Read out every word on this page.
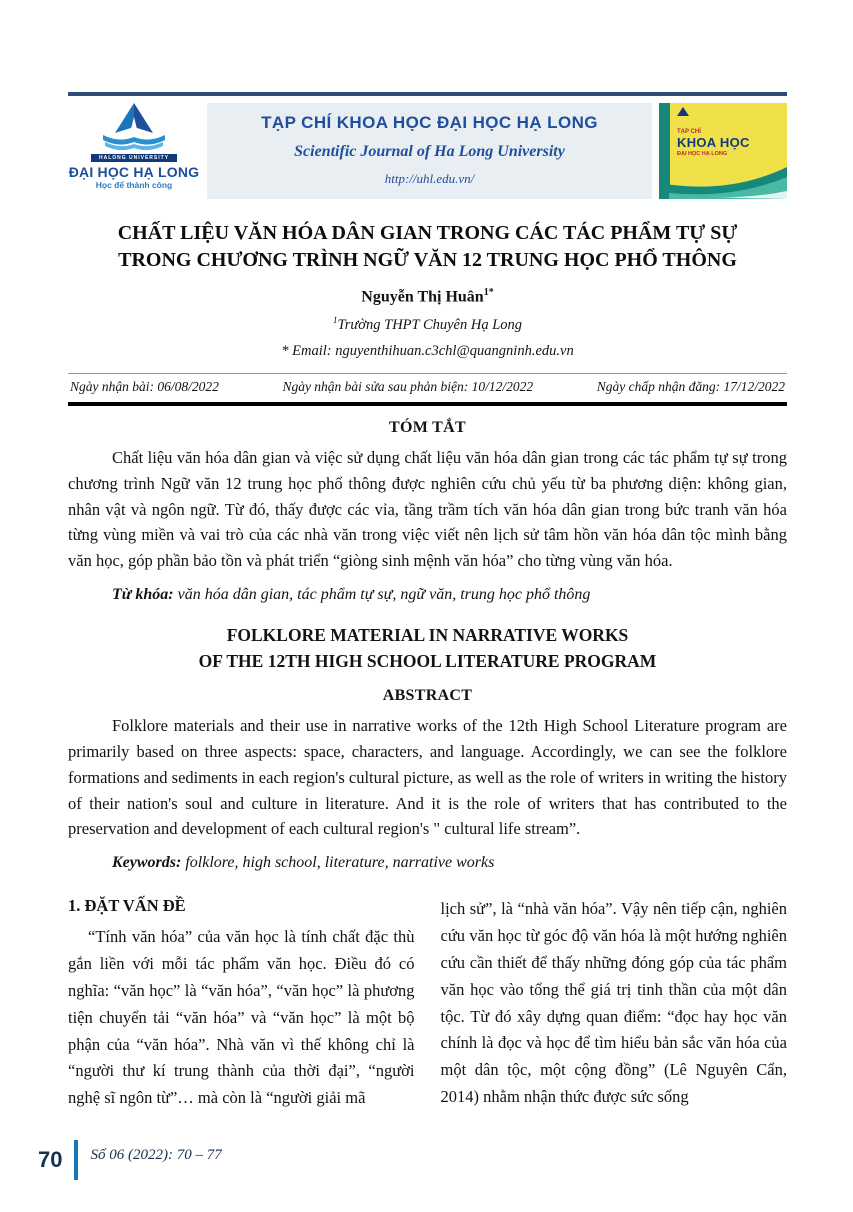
HALONG UNIVERSITY
ĐẠI HỌC HẠ LONG
Học để thành công
TẠP CHÍ KHOA HỌC ĐẠI HỌC HẠ LONG
Scientific Journal of Ha Long University
http://uhl.edu.vn/
TẠP CHÍ
KHOA HỌC
ĐẠI HỌC HẠ LONG
CHẤT LIỆU VĂN HÓA DÂN GIAN TRONG CÁC TÁC PHẨM TỰ SỰ
TRONG CHƯƠNG TRÌNH NGỮ VĂN 12 TRUNG HỌC PHỔ THÔNG
Nguyễn Thị Huân$^{1*}$
$^1$Trường THPT Chuyên Hạ Long
* Email: nguyenthihuan.c3chl@quangninh.edu.vn
Ngày nhận bài: 06/08/2022	Ngày nhận bài sửa sau phản biện: 10/12/2022	Ngày chấp nhận đăng: 17/12/2022
TÓM TẮT

Chất liệu văn hóa dân gian và việc sử dụng chất liệu văn hóa dân gian trong các tác phẩm tự sự trong chương trình Ngữ văn 12 trung học phổ thông được nghiên cứu chủ yếu từ ba phương diện: không gian, nhân vật và ngôn ngữ. Từ đó, thấy được các vỉa, tầng trầm tích văn hóa dân gian trong bức tranh văn hóa từng vùng miền và vai trò của các nhà văn trong việc viết nên lịch sử tâm hồn văn hóa dân tộc mình bằng văn học, góp phần bảo tồn và phát triển “giòng sinh mệnh văn hóa” cho từng vùng văn hóa.

Từ khóa: văn hóa dân gian, tác phẩm tự sự, ngữ văn, trung học phổ thông
FOLKLORE MATERIAL IN NARRATIVE WORKS
OF THE 12TH HIGH SCHOOL LITERATURE PROGRAM
ABSTRACT

Folklore materials and their use in narrative works of the 12th High School Literature program are primarily based on three aspects: space, characters, and language. Accordingly, we can see the folklore formations and sediments in each region's cultural picture, as well as the role of writers in writing the history of their nation's soul and culture in literature. And it is the role of writers that has contributed to the preservation and development of each cultural region's " cultural life stream”.

Keywords: folklore, high school, literature, narrative works
1. ĐẶT VẤN ĐỀ

“Tính văn hóa” của văn học là tính chất đặc thù gắn liền với mỗi tác phẩm văn học. Điều đó có nghĩa: “văn học” là “văn hóa”, “văn học” là phương tiện chuyển tải “văn hóa” và “văn học” là một bộ phận của “văn hóa”. Nhà văn vì thế không chỉ là “người thư kí trung thành của thời đại”, “người nghệ sĩ ngôn từ”… mà còn là “người giải mã

lịch sử”, là “nhà văn hóa”. Vậy nên tiếp cận, nghiên cứu văn học từ góc độ văn hóa là một hướng nghiên cứu cần thiết để thấy những đóng góp của tác phẩm văn học vào tổng thể giá trị tinh thần của một dân tộc. Từ đó xây dựng quan điểm: “đọc hay học văn chính là đọc và học để tìm hiểu bản sắc văn hóa của một dân tộc, một cộng đồng” (Lê Nguyên Cẩn, 2014) nhằm nhận thức được sức sống

70 Số 06 (2022): 70 – 77
